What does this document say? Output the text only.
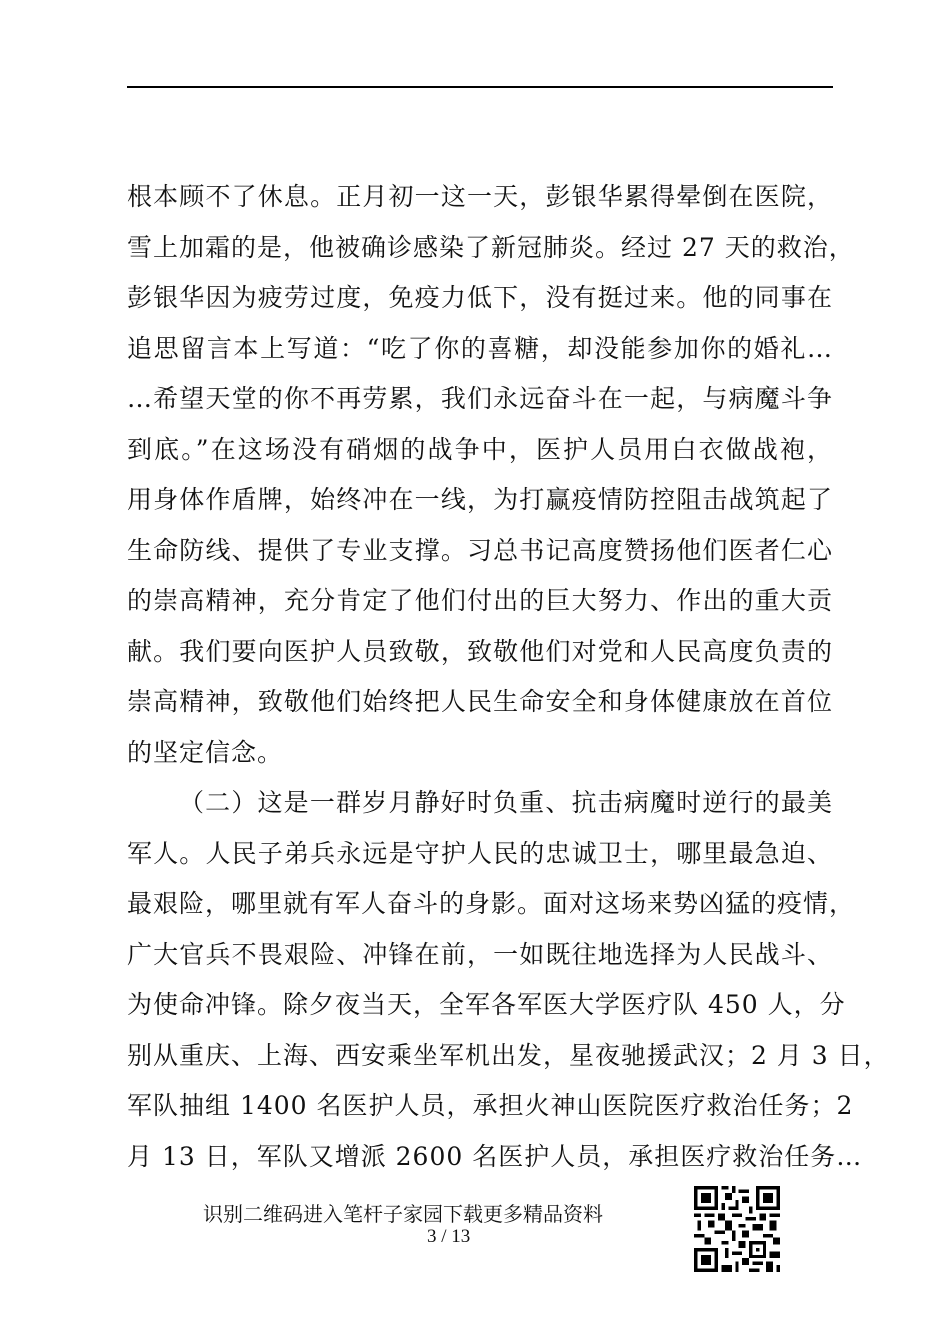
根本顾不了休息。正月初一这一天，彭银华累得晕倒在医院，
雪上加霜的是，他被确诊感染了新冠肺炎。经过 27 天的救治，
彭银华因为疲劳过度，免疫力低下，没有挺过来。他的同事在
追思留言本上写道：“吃了你的喜糖，却没能参加你的婚礼…
…希望天堂的你不再劳累，我们永远奋斗在一起，与病魔斗争
到底。”在这场没有硝烟的战争中，医护人员用白衣做战袍，
用身体作盾牌，始终冲在一线，为打赢疫情防控阻击战筑起了
生命防线、提供了专业支撑。习总书记高度赞扬他们医者仁心
的崇高精神，充分肯定了他们付出的巨大努力、作出的重大贡
献。我们要向医护人员致敬，致敬他们对党和人民高度负责的
崇高精神，致敬他们始终把人民生命安全和身体健康放在首位
的坚定信念。
（二）这是一群岁月静好时负重、抗击病魔时逆行的最美
军人。人民子弟兵永远是守护人民的忠诚卫士，哪里最急迫、
最艰险，哪里就有军人奋斗的身影。面对这场来势凶猛的疫情，
广大官兵不畏艰险、冲锋在前，一如既往地选择为人民战斗、
为使命冲锋。除夕夜当天，全军各军医大学医疗队 450 人，分
别从重庆、上海、西安乘坐军机出发，星夜驰援武汉；2 月 3 日，
军队抽组 1400 名医护人员，承担火神山医院医疗救治任务；2
月 13 日，军队又增派 2600 名医护人员，承担医疗救治任务…
识别二维码进入笔杆子家园下载更多精品资料
3 / 13
